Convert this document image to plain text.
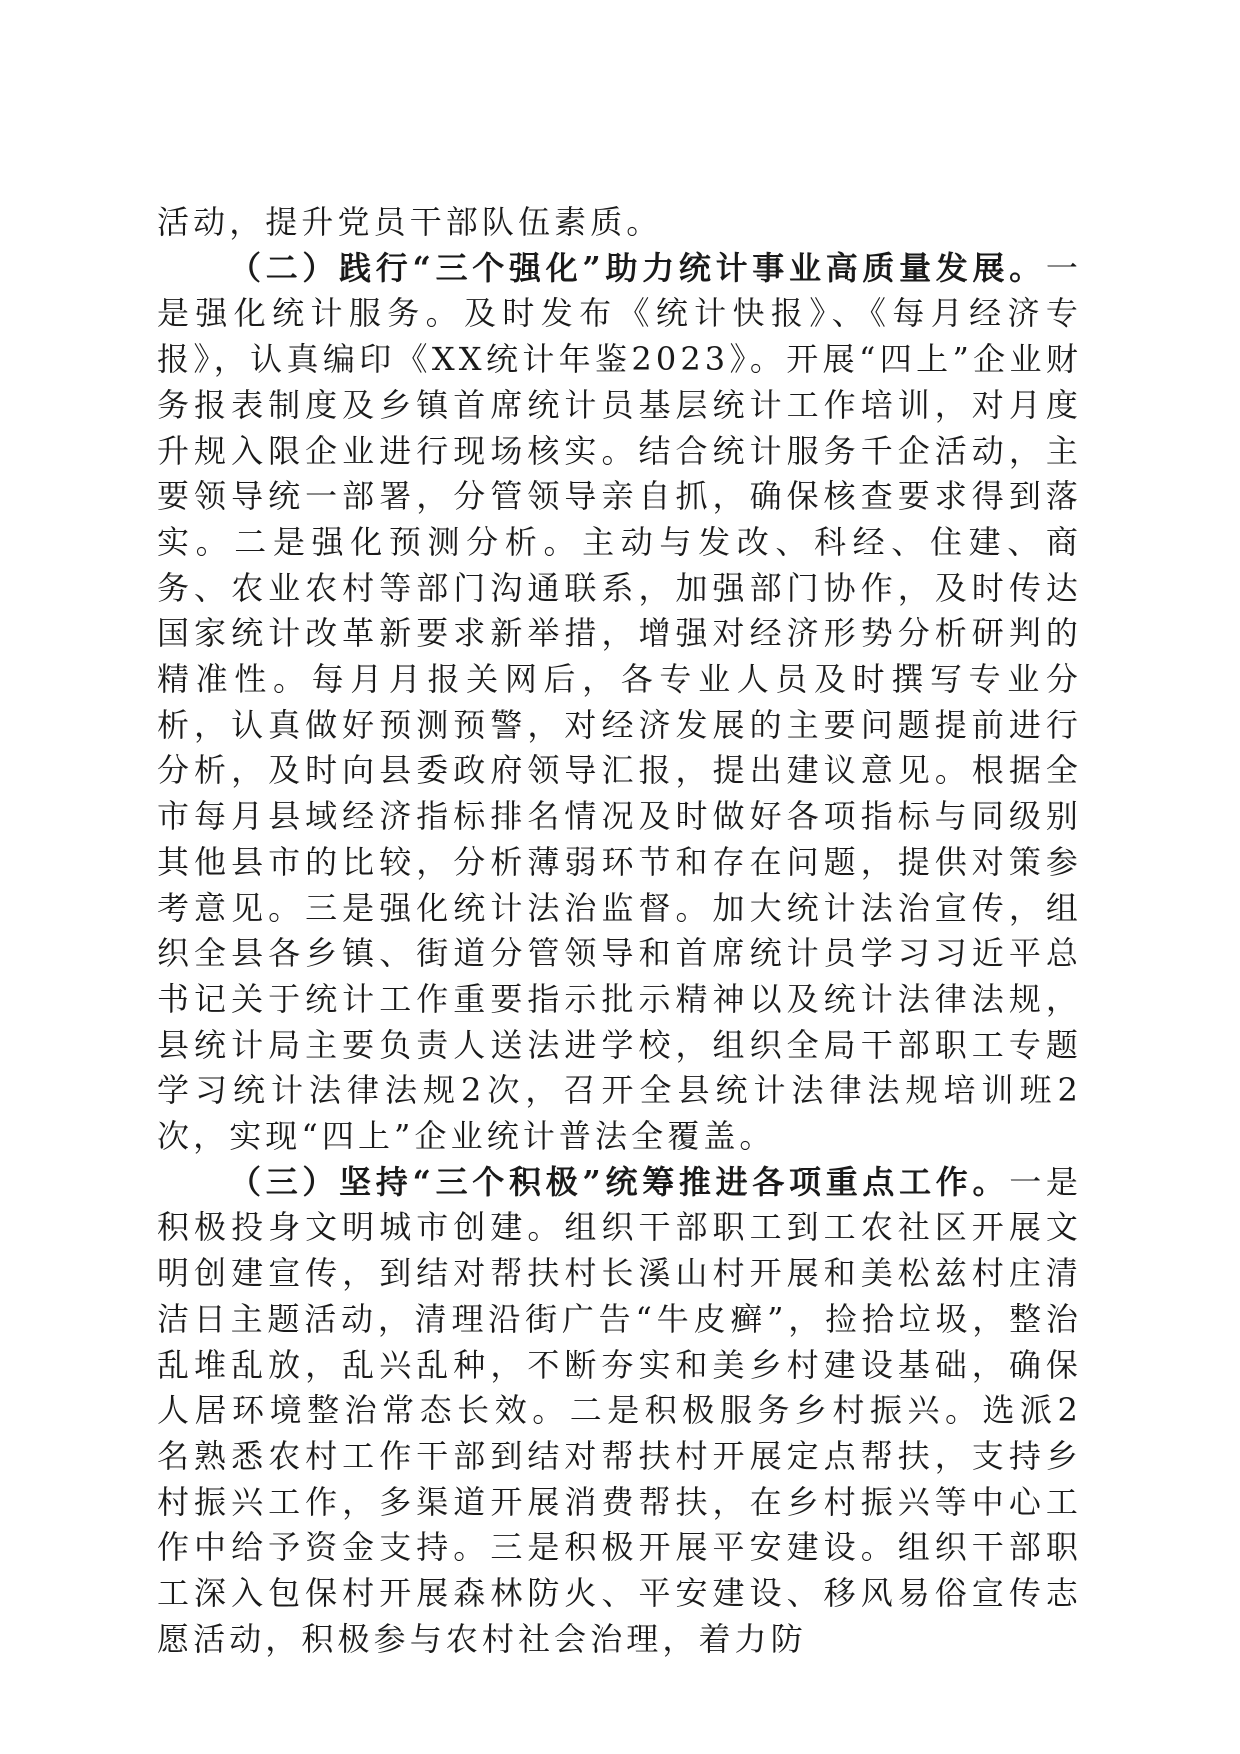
活动，提升党员干部队伍素质。

（二）践行“三个强化”助力统计事业高质量发展。一是强化统计服务。及时发布《统计快报》、《每月经济专报》，认真编印《XX统计年鉴2023》。开展“四上”企业财务报表制度及乡镇首席统计员基层统计工作培训，对月度升规入限企业进行现场核实。结合统计服务千企活动，主要领导统一部署，分管领导亲自抓，确保核查要求得到落实。二是强化预测分析。主动与发改、科经、住建、商务、农业农村等部门沟通联系，加强部门协作，及时传达国家统计改革新要求新举措，增强对经济形势分析研判的精准性。每月月报关网后，各专业人员及时撰写专业分析，认真做好预测预警，对经济发展的主要问题提前进行分析，及时向县委政府领导汇报，提出建议意见。根据全市每月县域经济指标排名情况及时做好各项指标与同级别其他县市的比较，分析薄弱环节和存在问题，提供对策参考意见。三是强化统计法治监督。加大统计法治宣传，组织全县各乡镇、街道分管领导和首席统计员学习习近平总书记关于统计工作重要指示批示精神以及统计法律法规，县统计局主要负责人送法进学校，组织全局干部职工专题学习统计法律法规2次，召开全县统计法律法规培训班2次，实现“四上”企业统计普法全覆盖。

（三）坚持“三个积极”统筹推进各项重点工作。一是积极投身文明城市创建。组织干部职工到工农社区开展文明创建宣传，到结对帮扶村长溪山村开展和美松兹村庄清洁日主题活动，清理沿街广告“牛皮癣”，捡拾垃圾，整治乱堆乱放，乱兴乱种，不断夯实和美乡村建设基础，确保人居环境整治常态长效。二是积极服务乡村振兴。选派2名熟悉农村工作干部到结对帮扶村开展定点帮扶，支持乡村振兴工作，多渠道开展消费帮扶，在乡村振兴等中心工作中给予资金支持。三是积极开展平安建设。组织干部职工深入包保村开展森林防火、平安建设、移风易俗宣传志愿活动，积极参与农村社会治理，着力防
